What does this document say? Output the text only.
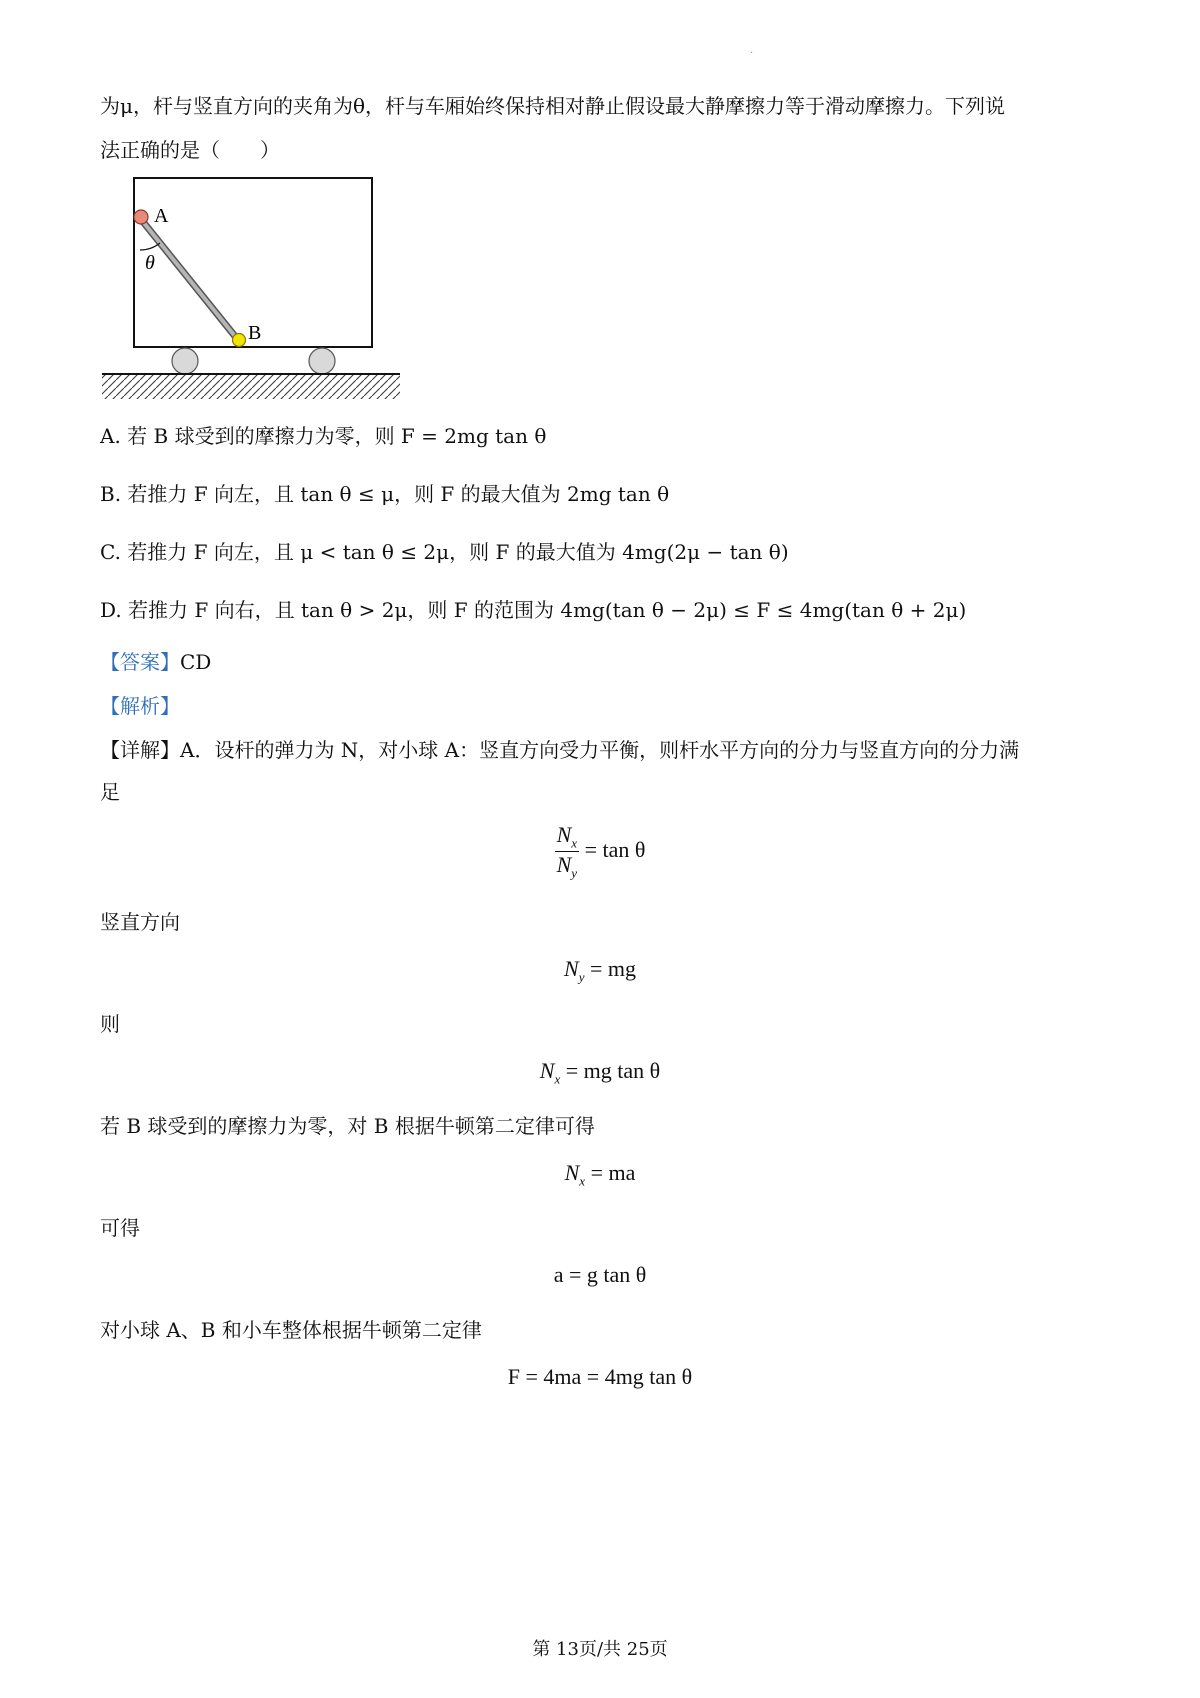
·
为μ，杆与竖直方向的夹角为θ，杆与车厢始终保持相对静止假设最大静摩擦力等于滑动摩擦力。下列说
法正确的是（　　）
A
B
θ
A. 若 B 球受到的摩擦力为零，则 F = 2mg tan θ
B. 若推力 F 向左，且 tan θ ≤ μ，则 F 的最大值为 2mg tan θ
C. 若推力 F 向左，且 μ < tan θ ≤ 2μ，则 F 的最大值为 4mg(2μ − tan θ)
D. 若推力 F 向右，且 tan θ > 2μ，则 F 的范围为 4mg(tan θ − 2μ) ≤ F ≤ 4mg(tan θ + 2μ)
【答案】CD
【解析】
【详解】A．设杆的弹力为 N，对小球 A：竖直方向受力平衡，则杆水平方向的分力与竖直方向的分力满
足
$\frac{N_x}{N_y} = \tan \theta$
竖直方向
$N_y$ = mg
则
$N_x$ = mg tan θ
若 B 球受到的摩擦力为零，对 B 根据牛顿第二定律可得
$N_x$ = ma
可得
a = g tan θ
对小球 A、B 和小车整体根据牛顿第二定律
F = 4ma = 4mg tan θ
第 13页/共 25页
